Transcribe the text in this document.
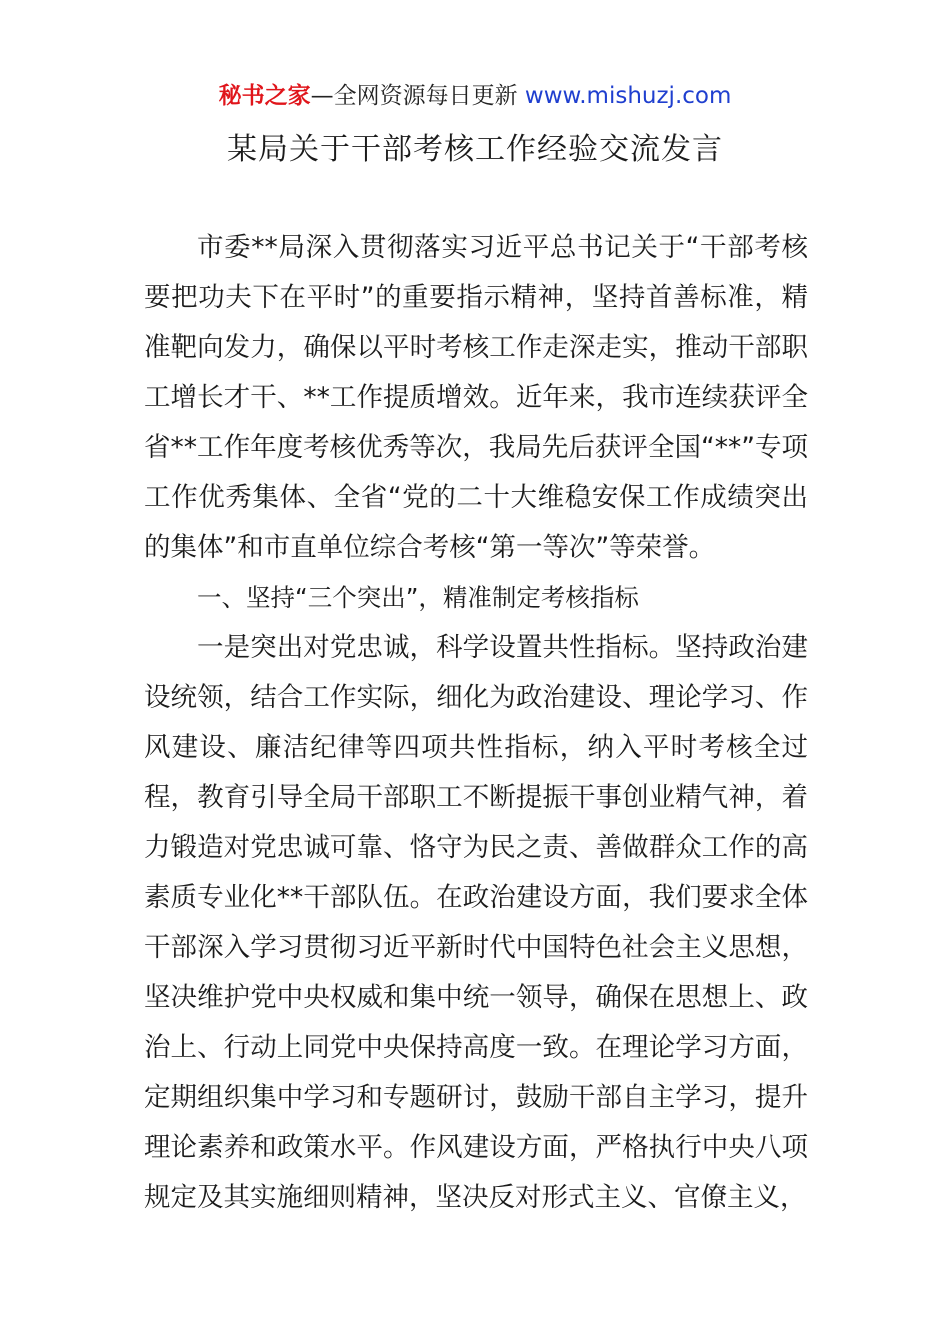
秘书之家—全网资源每日更新 www.mishuzj.com
某局关于干部考核工作经验交流发言

市委**局深入贯彻落实习近平总书记关于“干部考核要把功夫下在平时”的重要指示精神，坚持首善标准，精准靶向发力，确保以平时考核工作走深走实，推动干部职工增长才干、**工作提质增效。近年来，我市连续获评全省**工作年度考核优秀等次，我局先后获评全国“**”专项工作优秀集体、全省“党的二十大维稳安保工作成绩突出的集体”和市直单位综合考核“第一等次”等荣誉。

一、坚持“三个突出”，精准制定考核指标

一是突出对党忠诚，科学设置共性指标。坚持政治建设统领，结合工作实际，细化为政治建设、理论学习、作风建设、廉洁纪律等四项共性指标，纳入平时考核全过程，教育引导全局干部职工不断提振干事创业精气神，着力锻造对党忠诚可靠、恪守为民之责、善做群众工作的高素质专业化**干部队伍。在政治建设方面，我们要求全体干部深入学习贯彻习近平新时代中国特色社会主义思想，坚决维护党中央权威和集中统一领导，确保在思想上、政治上、行动上同党中央保持高度一致。在理论学习方面，定期组织集中学习和专题研讨，鼓励干部自主学习，提升理论素养和政策水平。作风建设方面，严格执行中央八项规定及其实施细则精神，坚决反对形式主义、官僚主义，
